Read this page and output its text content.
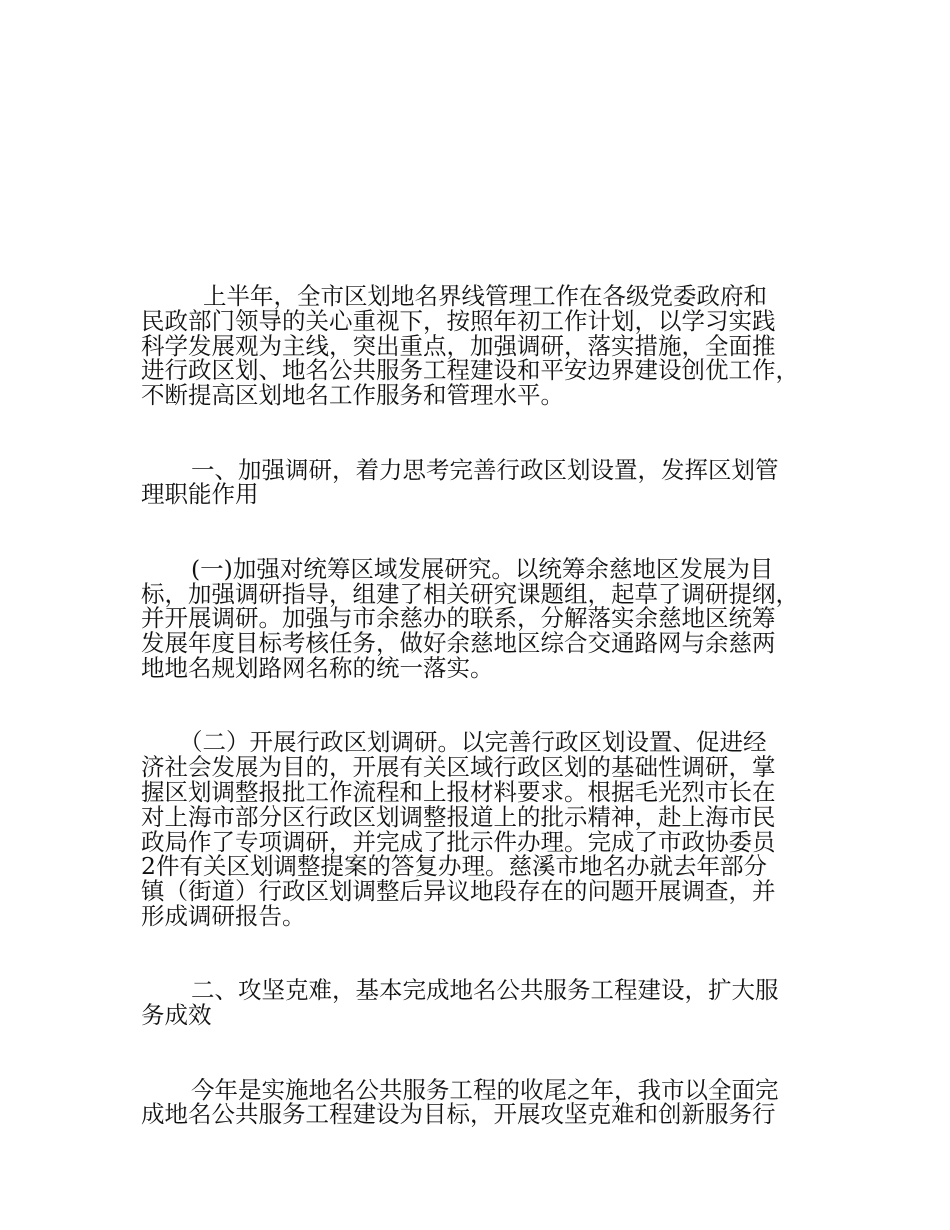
上半年，全市区划地名界线管理工作在各级党委政府和
民政部门领导的关心重视下，按照年初工作计划，以学习实践
科学发展观为主线，突出重点，加强调研，落实措施，全面推
进行政区划、地名公共服务工程建设和平安边界建设创优工作，
不断提高区划地名工作服务和管理水平。
一、加强调研，着力思考完善行政区划设置，发挥区划管
理职能作用
(一)加强对统筹区域发展研究。以统筹余慈地区发展为目
标，加强调研指导，组建了相关研究课题组，起草了调研提纲，
并开展调研。加强与市余慈办的联系，分解落实余慈地区统筹
发展年度目标考核任务，做好余慈地区综合交通路网与余慈两
地地名规划路网名称的统一落实。
（二）开展行政区划调研。以完善行政区划设置、促进经
济社会发展为目的，开展有关区域行政区划的基础性调研，掌
握区划调整报批工作流程和上报材料要求。根据毛光烈市长在
对上海市部分区行政区划调整报道上的批示精神，赴上海市民
政局作了专项调研，并完成了批示件办理。完成了市政协委员
2件有关区划调整提案的答复办理。慈溪市地名办就去年部分
镇（街道）行政区划调整后异议地段存在的问题开展调查，并
形成调研报告。
二、攻坚克难，基本完成地名公共服务工程建设，扩大服
务成效
今年是实施地名公共服务工程的收尾之年，我市以全面完
成地名公共服务工程建设为目标，开展攻坚克难和创新服务行
